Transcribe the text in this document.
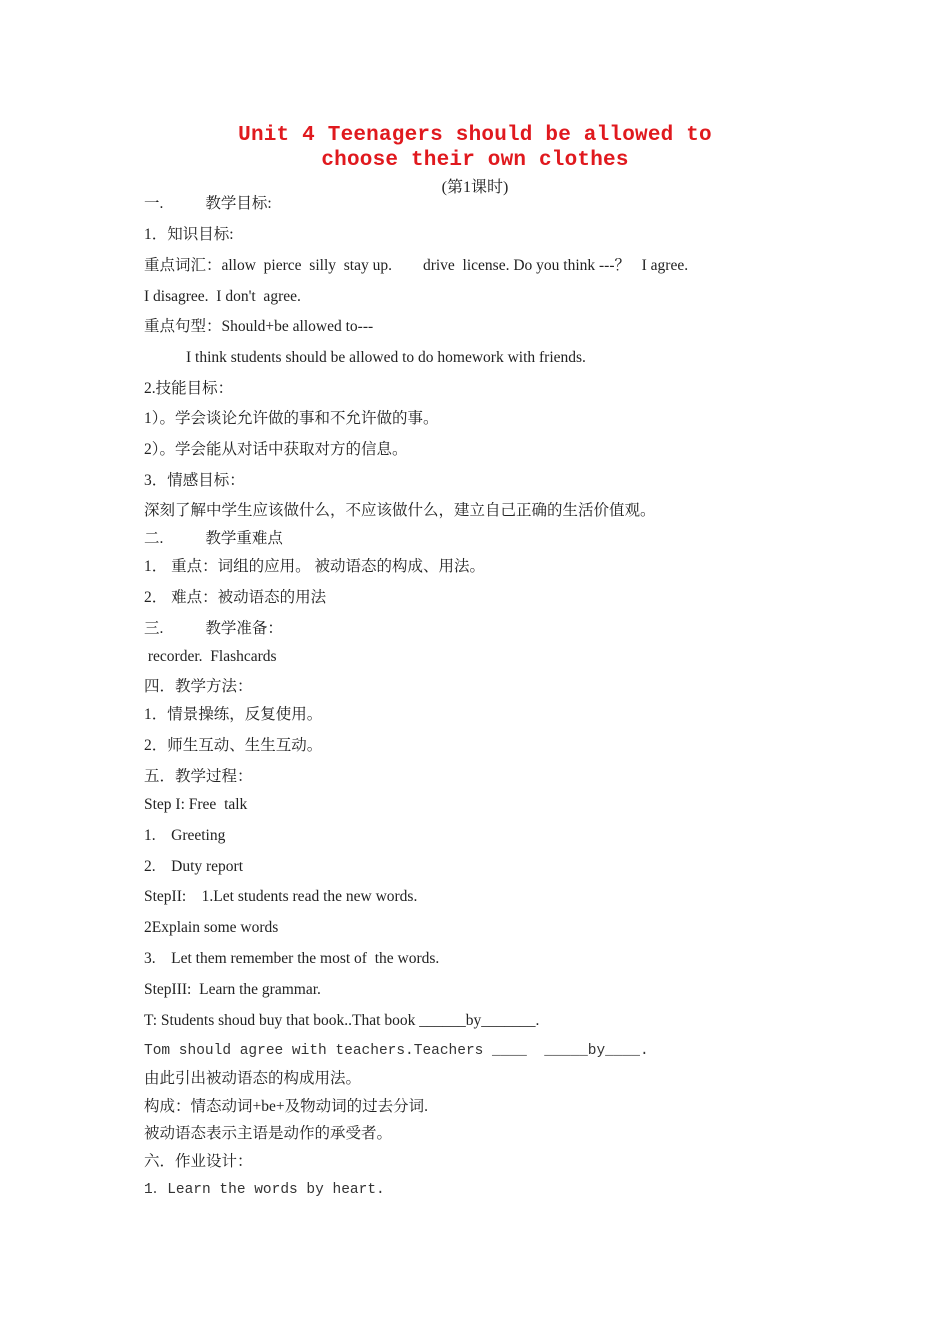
Unit 4 Teenagers should be allowed to
choose their own clothes
(第1课时)
一.	教学目标:
1．知识目标:
重点词汇：allow  pierce  silly  stay up.        drive  license. Do you think ---？   I agree.
I disagree.  I don't  agree.
重点句型：Should+be allowed to---
I think students should be allowed to do homework with friends.
2.技能目标：
1）。学会谈论允许做的事和不允许做的事。
2）。学会能从对话中获取对方的信息。
3．情感目标：
深刻了解中学生应该做什么，不应该做什么，建立自己正确的生活价值观。
二.	教学重难点
1． 重点：词组的应用。 被动语态的构成、用法。
2． 难点：被动语态的用法
三.	教学准备：
recorder.  Flashcards
四．教学方法：
1．情景操练，反复使用。
2．师生互动、生生互动。
五．教学过程：
Step I: Free  talk
1.    Greeting
2.    Duty report
StepII:    1.Let students read the new words.
2Explain some words
3.    Let them remember the most of  the words.
StepIII:  Learn the grammar.
T: Students shoud buy that book..That book ______by_______.
Tom should agree with teachers.Teachers ____  _____by____.
由此引出被动语态的构成用法。
构成：情态动词+be+及物动词的过去分词.
被动语态表示主语是动作的承受者。
六．作业设计：
1．Learn the words by heart.
